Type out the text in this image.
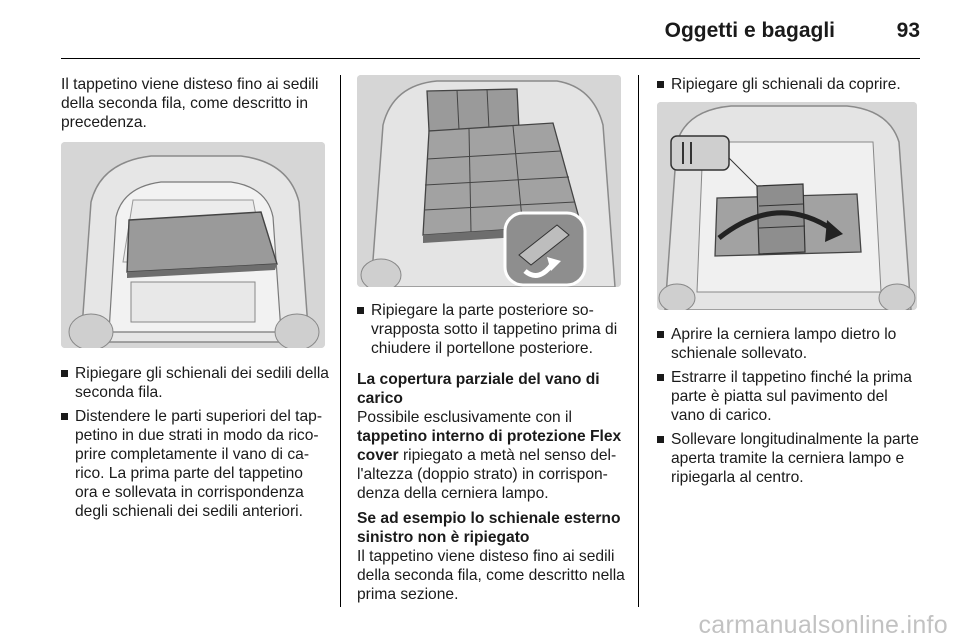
Oggetti e bagagli	93

Il tappetino viene disteso fino ai sedili della seconda fila, come descritto in precedenza.

Ripiegare gli schienali dei sedili della seconda fila.
Distendere le parti superiori del tap-petino in due strati in modo da rico-prire completamente il vano di ca-rico. La prima parte del tappetino ora e sollevata in corrispondenza degli schienali dei sedili anteriori.
Ripiegare la parte posteriore so-vrapposta sotto il tappetino prima di chiudere il portellone posteriore.

La copertura parziale del vano di carico

Possibile esclusivamente con il tappetino interno di protezione Flex cover ripiegato a metà nel senso del-l'altezza (doppio strato) in corrispon-denza della cerniera lampo.

Se ad esempio lo schienale esterno sinistro non è ripiegato

Il tappetino viene disteso fino ai sedili della seconda fila, come descritto nella prima sezione.

Ripiegare gli schienali da coprire.
Aprire la cerniera lampo dietro lo schienale sollevato.
Estrarre il tappetino finché la prima parte è piatta sul pavimento del vano di carico.
Sollevare longitudinalmente la parte aperta tramite la cerniera lampo e ripiegarla al centro.
carmanualsonline.info
